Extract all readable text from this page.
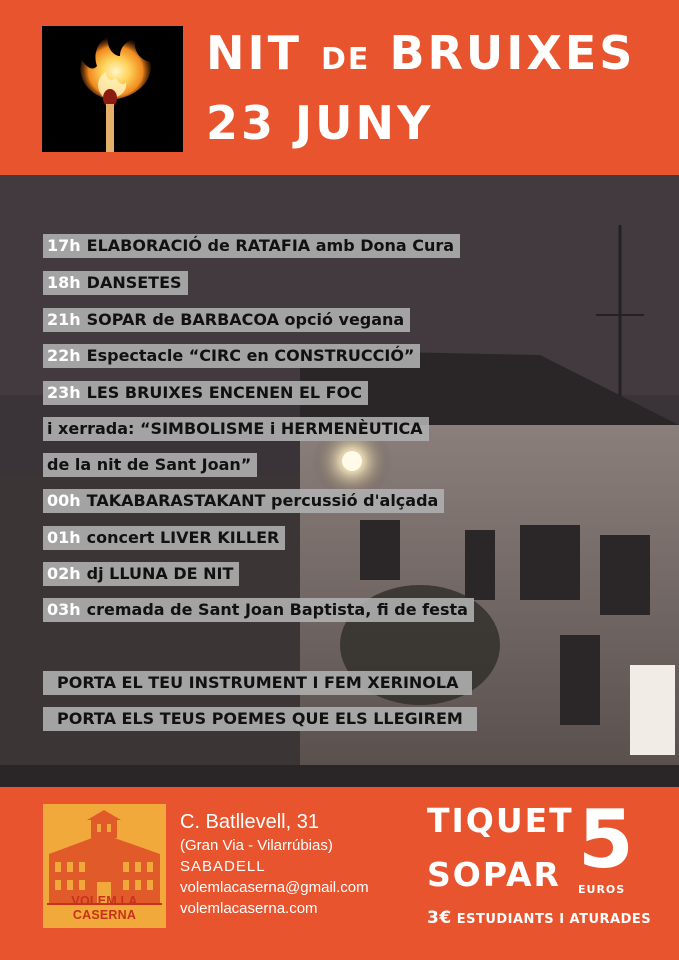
NIT DE BRUIXES
23 JUNY
17h ELABORACIÓ de RATAFIA amb Dona Cura
18h DANSETES
21h SOPAR de BARBACOA opció vegana
22h Espectacle “CIRC en CONSTRUCCIÓ”
23h LES BRUIXES ENCENEN EL FOC
i xerrada: “SIMBOLISME i HERMENÈUTICA
de la nit de Sant Joan”
00h TAKABARASTAKANT percussió d'alçada
01h concert LIVER KILLER
02h dj LLUNA DE NIT
03h cremada de Sant Joan Baptista, fi de festa
PORTA EL TEU INSTRUMENT I FEM XERINOLA
PORTA ELS TEUS POEMES QUE ELS LLEGIREM
VOLEM LA CASERNA
C. Batllevell, 31
(Gran Via - Vilarrúbias)
SABADELL
volemlacaserna@gmail.com
volemlacaserna.com
TIQUET
SOPAR 5
EUROS
3€ ESTUDIANTS I ATURADES
